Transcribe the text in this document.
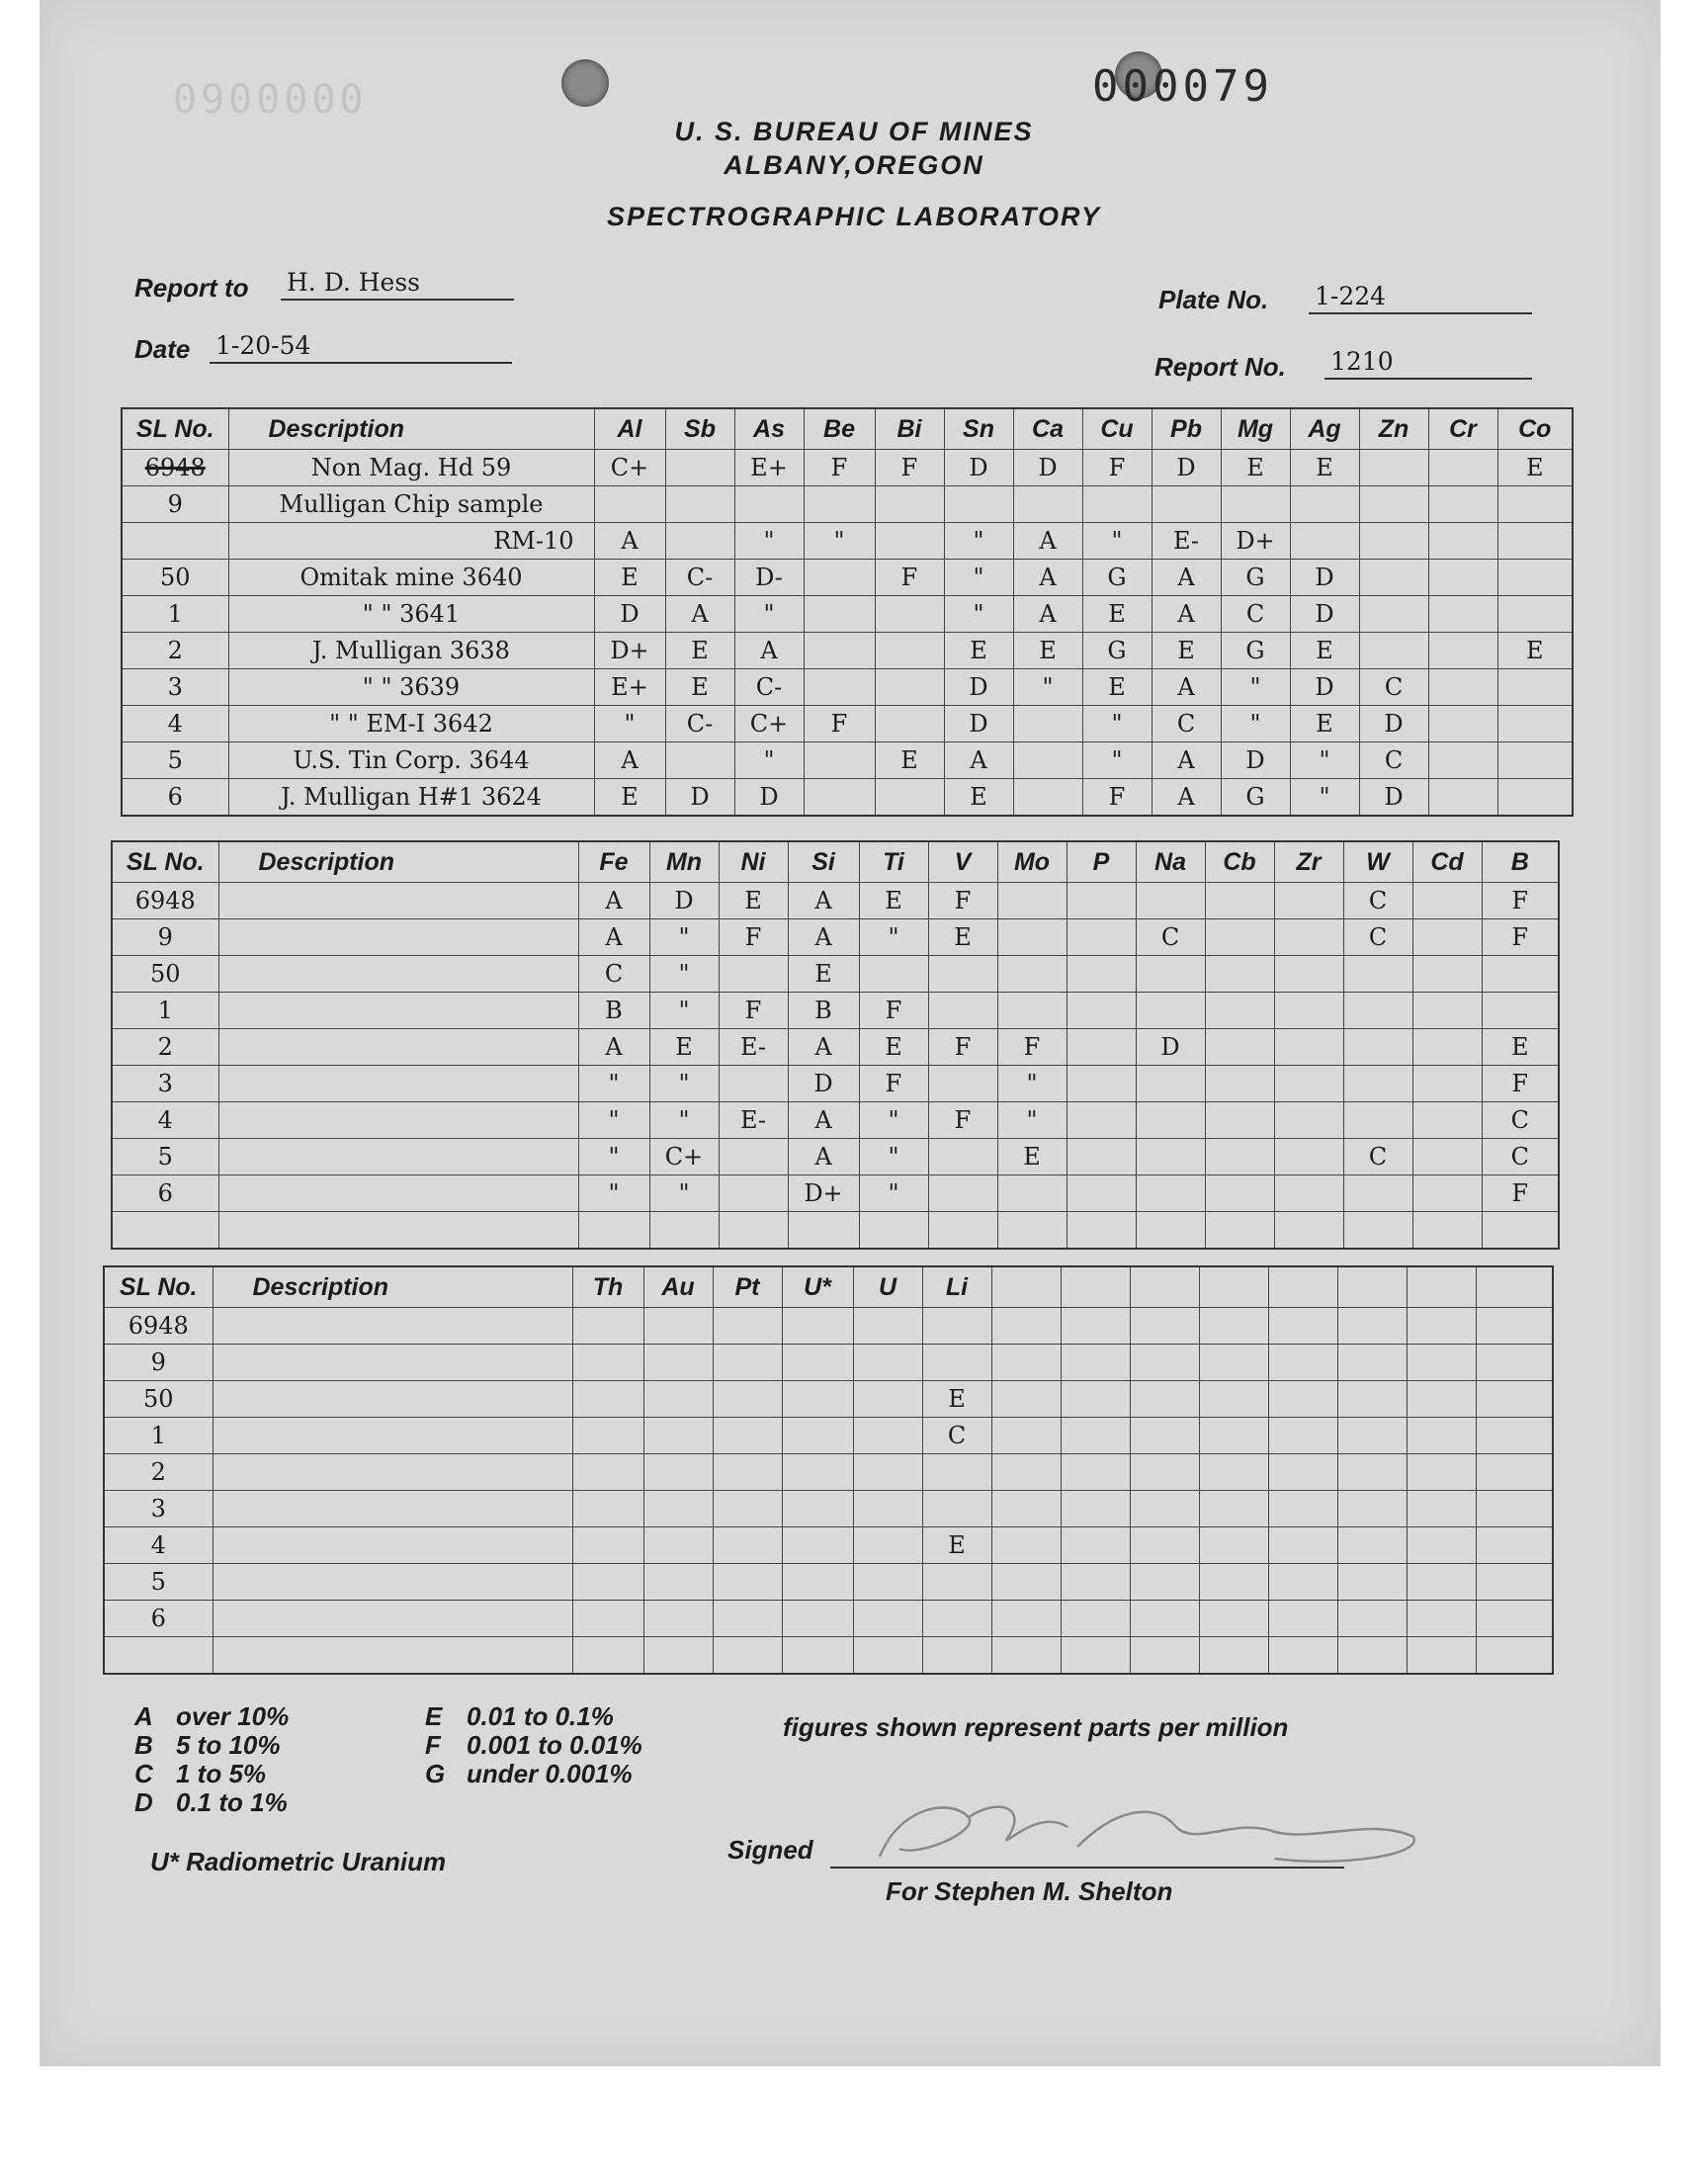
0900000	000079
U. S. BUREAU OF MINES
ALBANY,OREGON
SPECTROGRAPHIC LABORATORY
Report to H. D. Hess
Date 1-20-54
Plate No. 1-224
Report No. 1210
SL No.	Description	Al	Sb	As	Be	Bi	Sn	Ca	Cu	Pb	Mg	Ag	Zn	Cr	Co
6948	Non Mag. Hd 59	C+		E+	F	F	D	D	F	D	E	E			E
9	Mulligan Chip sample														
	RM-10	A		"	"		"	A	"	E-	D+				
50	Omitak mine 3640	E	C-	D-		F	"	A	G	A	G	D			
1	" " 3641	D	A	"			"	A	E	A	C	D			
2	J. Mulligan 3638	D+	E	A			E	E	G	E	G	E			E
3	" " 3639	E+	E	C-			D	"	E	A	"	D	C		
4	" " EM-I 3642	"	C-	C+	F		D		"	C	"	E	D		
5	U.S. Tin Corp. 3644	A		"		E	A		"	A	D	"	C		
6	J. Mulligan H#1 3624	E	D	D			E		F	A	G	"	D		
SL No.	Description	Fe	Mn	Ni	Si	Ti	V	Mo	P	Na	Cb	Zr	W	Cd	B
6948		A	D	E	A	E	F						C		F
9		A	"	F	A	"	E			C			C		F
50		C	"		E										
1		B	"	F	B	F									
2		A	E	E-	A	E	F	F		D					E
3		"	"		D	F		"							F
4		"	"	E-	A	"	F	"							C
5		"	C+		A	"		E					C		C
6		"	"		D+	"									F

SL No.	Description	Th	Au	Pt	U*	U	Li								
6948															
9															
50							E								
1							C								
2															
3															
4							E								
5															
6															

A over 10%
B 5 to 10%
C 1 to 5%
D 0.1 to 1%
E 0.01 to 0.1%
F 0.001 to 0.01%
G under 0.001%
figures shown represent parts per million
U* Radiometric Uranium	Signed
For Stephen M. Shelton
